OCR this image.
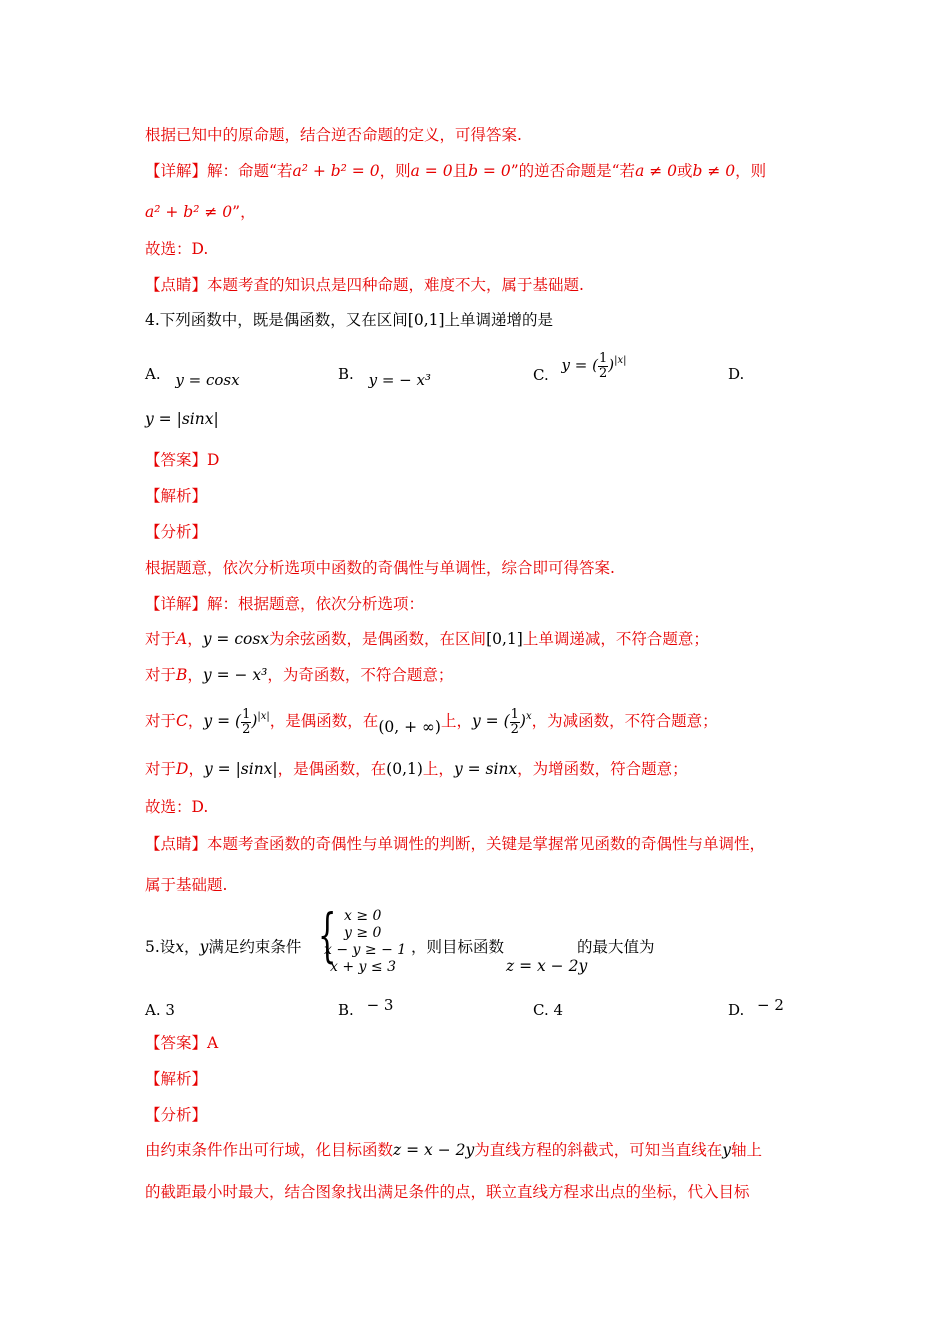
根据已知中的原命题，结合逆否命题的定义，可得答案.
【详解】解：命题“若a² + b² = 0，则a = 0且b = 0”的逆否命题是“若a ≠ 0或b ≠ 0，则
a² + b² ≠ 0”，
故选：D.
【点睛】本题考查的知识点是四种命题，难度不大，属于基础题.
4.下列函数中，既是偶函数，又在区间[0,1]上单调递增的是
A. y = cosx	B. y = − x³	C. y = ( $\frac{1}{2} )^{|x|}$
D.
y = |sinx|
【答案】D
【解析】
【分析】
根据题意，依次分析选项中函数的奇偶性与单调性，综合即可得答案.
【详解】解：根据题意，依次分析选项：
对于A，y = cosx为余弦函数，是偶函数，在区间[0,1]上单调递减，不符合题意；
对于B，y = − x³，为奇函数，不符合题意；
对于C，y = ( $\frac{1}{2} )^{|x|}$，是偶函数，在(0, + ∞)上，y = ( $\frac{1}{2} )^x$，为减函数，不符合题意；
对于D，y = |sinx|，是偶函数，在(0,1)上，y = sinx，为增函数，符合题意；
故选：D.
【点睛】本题考查函数的奇偶性与单调性的判断，关键是掌握常见函数的奇偶性与单调性，
属于基础题.
5.设x，y满足约束条件 { x ≥ 0
y ≥ 0
x − y ≥ − 1
x + y ≤ 3
，则目标函数
z = x − 2y
的最大值为
A. 3	B. − 3	C. 4	D. − 2
【答案】A
【解析】
【分析】
由约束条件作出可行域，化目标函数z = x − 2y为直线方程的斜截式，可知当直线在y轴上
的截距最小时最大，结合图象找出满足条件的点，联立直线方程求出点的坐标，代入目标
